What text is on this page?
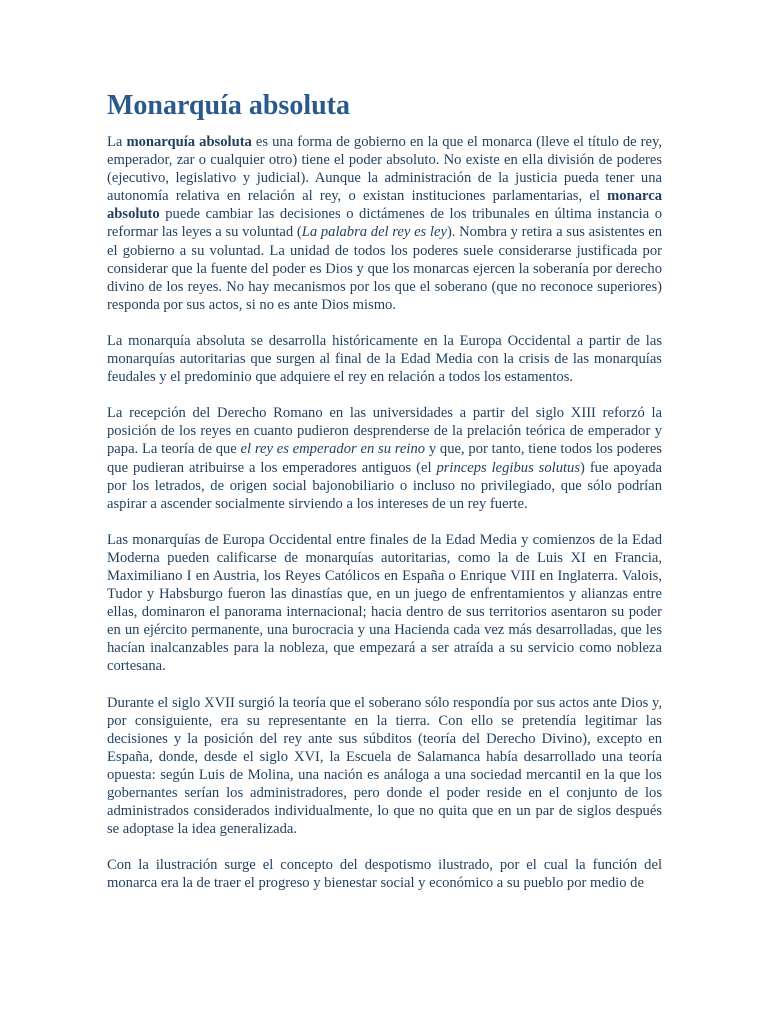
Monarquía absoluta

La monarquía absoluta es una forma de gobierno en la que el monarca (lleve el título de rey, emperador, zar o cualquier otro) tiene el poder absoluto. No existe en ella división de poderes (ejecutivo, legislativo y judicial). Aunque la administración de la justicia pueda tener una autonomía relativa en relación al rey, o existan instituciones parlamentarias, el monarca absoluto puede cambiar las decisiones o dictámenes de los tribunales en última instancia o reformar las leyes a su voluntad (La palabra del rey es ley). Nombra y retira a sus asistentes en el gobierno a su voluntad. La unidad de todos los poderes suele considerarse justificada por considerar que la fuente del poder es Dios y que los monarcas ejercen la soberanía por derecho divino de los reyes. No hay mecanismos por los que el soberano (que no reconoce superiores) responda por sus actos, si no es ante Dios mismo.

La monarquía absoluta se desarrolla históricamente en la Europa Occidental a partir de las monarquías autoritarias que surgen al final de la Edad Media con la crisis de las monarquías feudales y el predominio que adquiere el rey en relación a todos los estamentos.

La recepción del Derecho Romano en las universidades a partir del siglo XIII reforzó la posición de los reyes en cuanto pudieron desprenderse de la prelación teórica de emperador y papa. La teoría de que el rey es emperador en su reino y que, por tanto, tiene todos los poderes que pudieran atribuirse a los emperadores antiguos (el princeps legibus solutus) fue apoyada por los letrados, de origen social bajonobiliario o incluso no privilegiado, que sólo podrían aspirar a ascender socialmente sirviendo a los intereses de un rey fuerte.

Las monarquías de Europa Occidental entre finales de la Edad Media y comienzos de la Edad Moderna pueden calificarse de monarquías autoritarias, como la de Luis XI en Francia, Maximiliano I en Austria, los Reyes Católicos en España o Enrique VIII en Inglaterra. Valois, Tudor y Habsburgo fueron las dinastías que, en un juego de enfrentamientos y alianzas entre ellas, dominaron el panorama internacional; hacia dentro de sus territorios asentaron su poder en un ejército permanente, una burocracia y una Hacienda cada vez más desarrolladas, que les hacían inalcanzables para la nobleza, que empezará a ser atraída a su servicio como nobleza cortesana.

Durante el siglo XVII surgió la teoría que el soberano sólo respondía por sus actos ante Dios y, por consiguiente, era su representante en la tierra. Con ello se pretendía legitimar las decisiones y la posición del rey ante sus súbditos (teoría del Derecho Divino), excepto en España, donde, desde el siglo XVI, la Escuela de Salamanca había desarrollado una teoría opuesta: según Luis de Molina, una nación es análoga a una sociedad mercantil en la que los gobernantes serían los administradores, pero donde el poder reside en el conjunto de los administrados considerados individualmente, lo que no quita que en un par de siglos después se adoptase la idea generalizada.

Con la ilustración surge el concepto del despotismo ilustrado, por el cual la función del monarca era la de traer el progreso y bienestar social y económico a su pueblo por medio de
